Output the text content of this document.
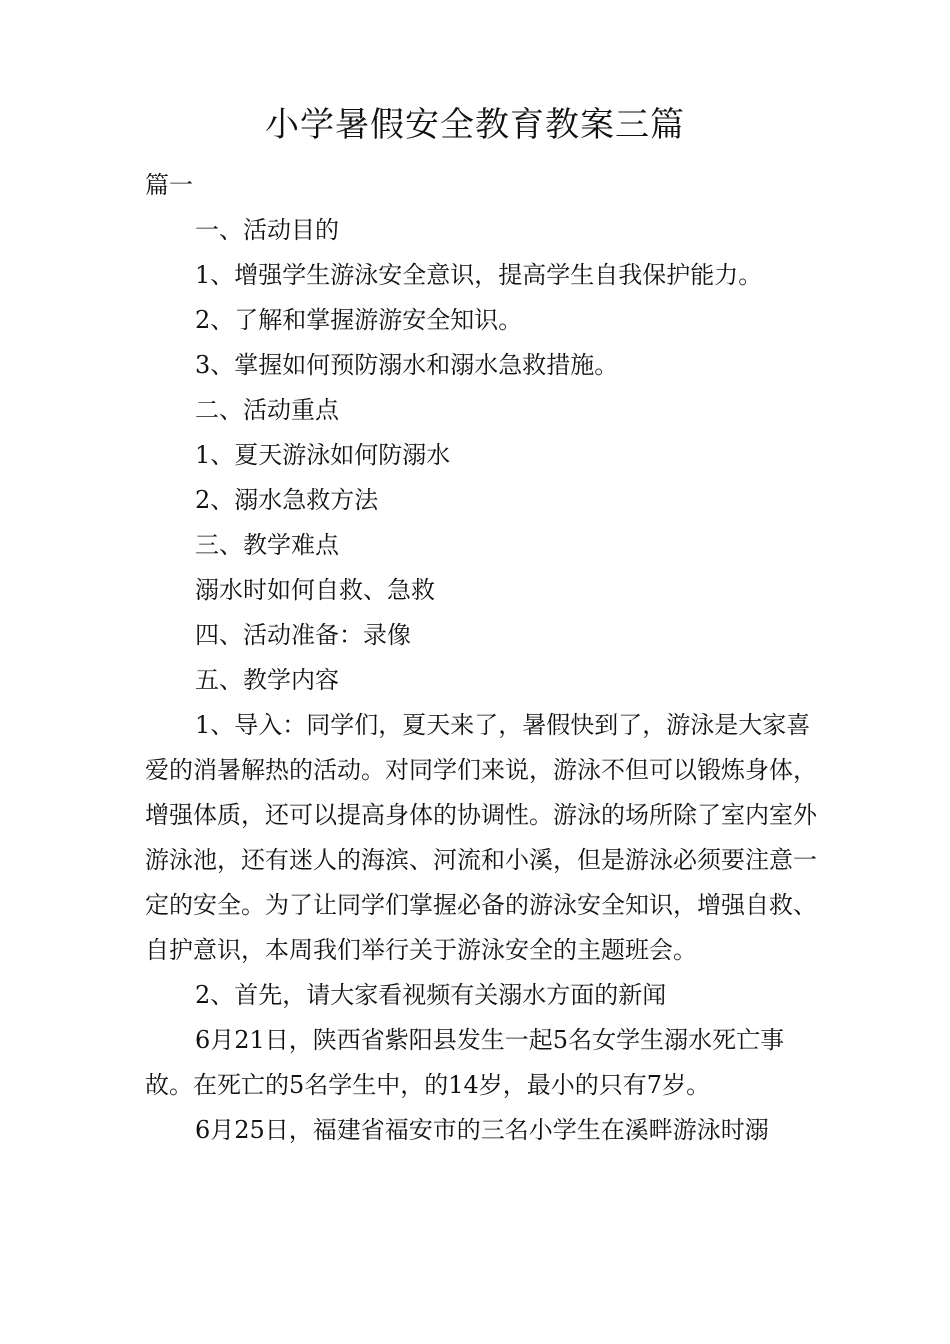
小学暑假安全教育教案三篇

篇一

一、活动目的

1、增强学生游泳安全意识，提高学生自我保护能力。

2、了解和掌握游游安全知识。

3、掌握如何预防溺水和溺水急救措施。

二、活动重点

1、夏天游泳如何防溺水

2、溺水急救方法

三、教学难点

溺水时如何自救、急救

四、活动准备：录像

五、教学内容

1、导入：同学们，夏天来了，暑假快到了，游泳是大家喜爱的消暑解热的活动。对同学们来说，游泳不但可以锻炼身体，增强体质，还可以提高身体的协调性。游泳的场所除了室内室外游泳池，还有迷人的海滨、河流和小溪，但是游泳必须要注意一定的安全。为了让同学们掌握必备的游泳安全知识，增强自救、自护意识，本周我们举行关于游泳安全的主题班会。

2、首先，请大家看视频有关溺水方面的新闻

6月21日，陕西省紫阳县发生一起5名女学生溺水死亡事故。在死亡的5名学生中，的14岁，最小的只有7岁。

6月25日，福建省福安市的三名小学生在溪畔游泳时溺
